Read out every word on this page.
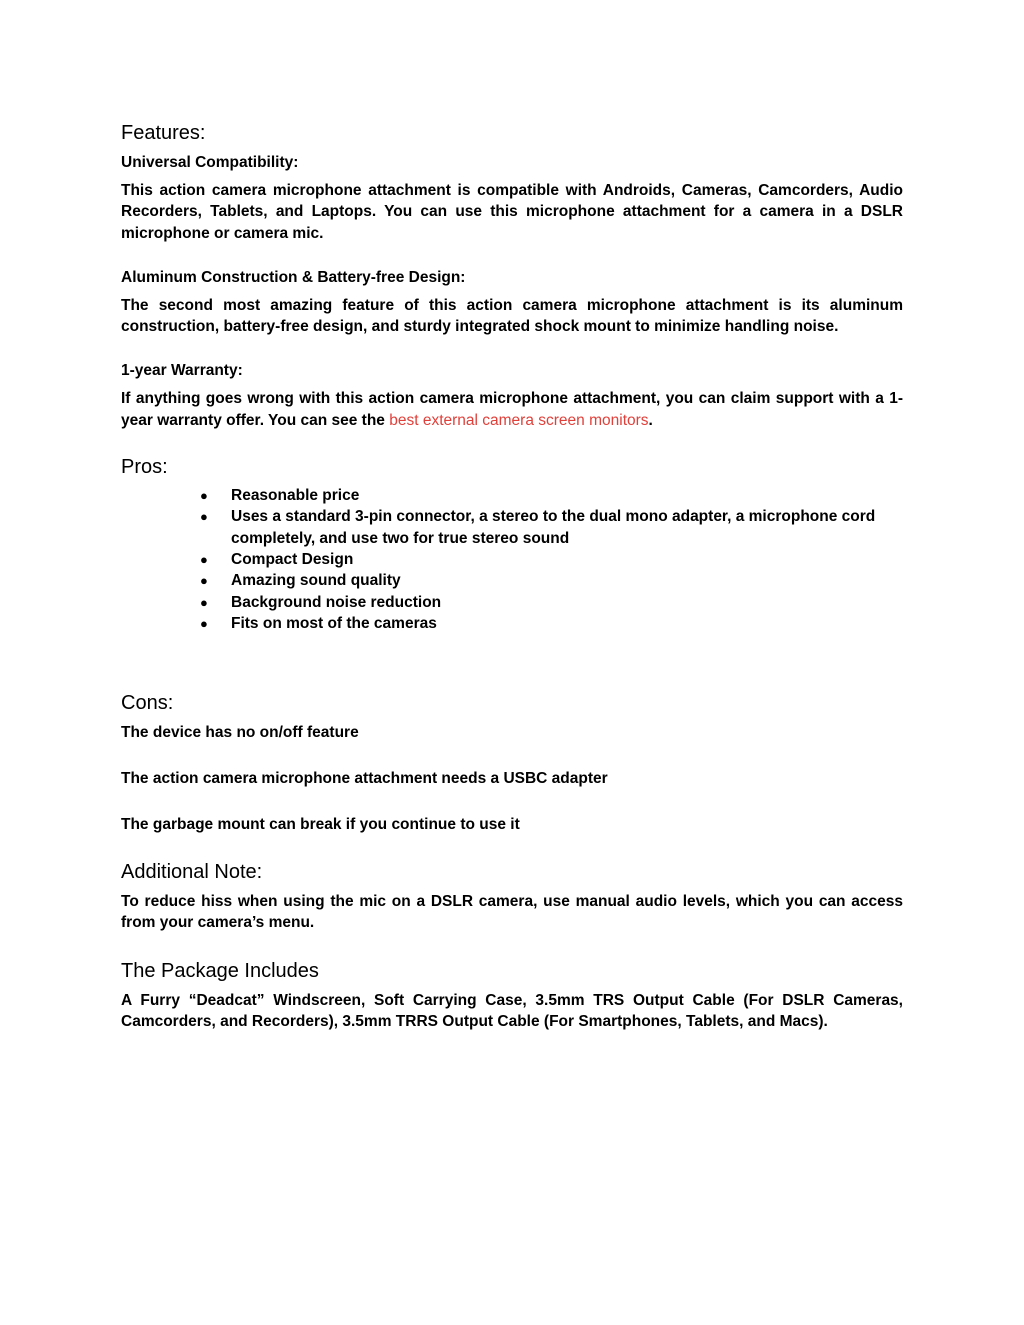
Features:

Universal Compatibility:

This action camera microphone attachment is compatible with Androids, Cameras, Camcorders, Audio Recorders, Tablets, and Laptops. You can use this microphone attachment for a camera in a DSLR microphone or camera mic.

Aluminum Construction & Battery-free Design:

The second most amazing feature of this action camera microphone attachment is its aluminum construction, battery-free design, and sturdy integrated shock mount to minimize handling noise.

1-year Warranty:

If anything goes wrong with this action camera microphone attachment, you can claim support with a 1-year warranty offer. You can see the best external camera screen monitors.

Pros:
● Reasonable price
● Uses a standard 3-pin connector, a stereo to the dual mono adapter, a microphone cord completely, and use two for true stereo sound
● Compact Design
● Amazing sound quality
● Background noise reduction
● Fits on most of the cameras
Cons:

The device has no on/off feature

The action camera microphone attachment needs a USBC adapter

The garbage mount can break if you continue to use it

Additional Note:

To reduce hiss when using the mic on a DSLR camera, use manual audio levels, which you can access from your camera’s menu.

The Package Includes

A Furry “Deadcat” Windscreen, Soft Carrying Case, 3.5mm TRS Output Cable (For DSLR Cameras, Camcorders, and Recorders), 3.5mm TRRS Output Cable (For Smartphones, Tablets, and Macs).
